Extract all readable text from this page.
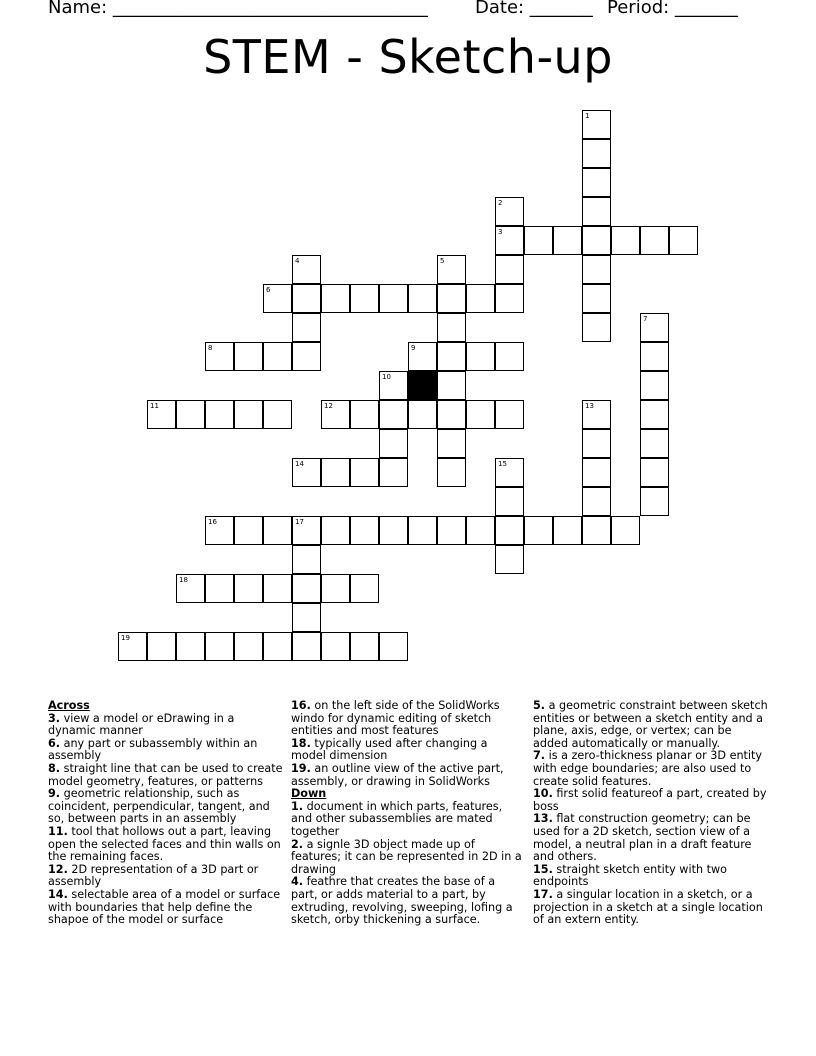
Name: ___________________________________	Date: _______ Period: _______
STEM - Sketch-up
3
6
8	9
11	12
14
16	17
18
19
1
2
4	5
7
10
13
15

Across

3. view a model or eDrawing in a dynamic manner

6. any part or subassembly within an assembly

8. straight line that can be used to create model geometry, features, or patterns

9. geometric relationship, such as coincident, perpendicular, tangent, and so, between parts in an assembly

11. tool that hollows out a part, leaving open the selected faces and thin walls on the remaining faces.

12. 2D representation of a 3D part or assembly

14. selectable area of a model or surface with boundaries that help define the shapoe of the model or surface

16. on the left side of the SolidWorks windo for dynamic editing of sketch entities and most features

18. typically used after changing a model dimension

19. an outline view of the active part, assembly, or drawing in SolidWorks

Down

1. document in which parts, features, and other subassemblies are mated together

2. a signle 3D object made up of features; it can be represented in 2D in a drawing

4. feathre that creates the base of a part, or adds material to a part, by extruding, revolving, sweeping, lofing a sketch, orby thickening a surface.

5. a geometric constraint between sketch entities or between a sketch entity and a plane, axis, edge, or vertex; can be added automatically or manually.

7. is a zero-thickness planar or 3D entity with edge boundaries; are also used to create solid features.

10. first solid featureof a part, created by boss

13. flat construction geometry; can be used for a 2D sketch, section view of a model, a neutral plan in a draft feature and others.

15. straight sketch entity with two endpoints

17. a singular location in a sketch, or a projection in a sketch at a single location of an extern entity.
